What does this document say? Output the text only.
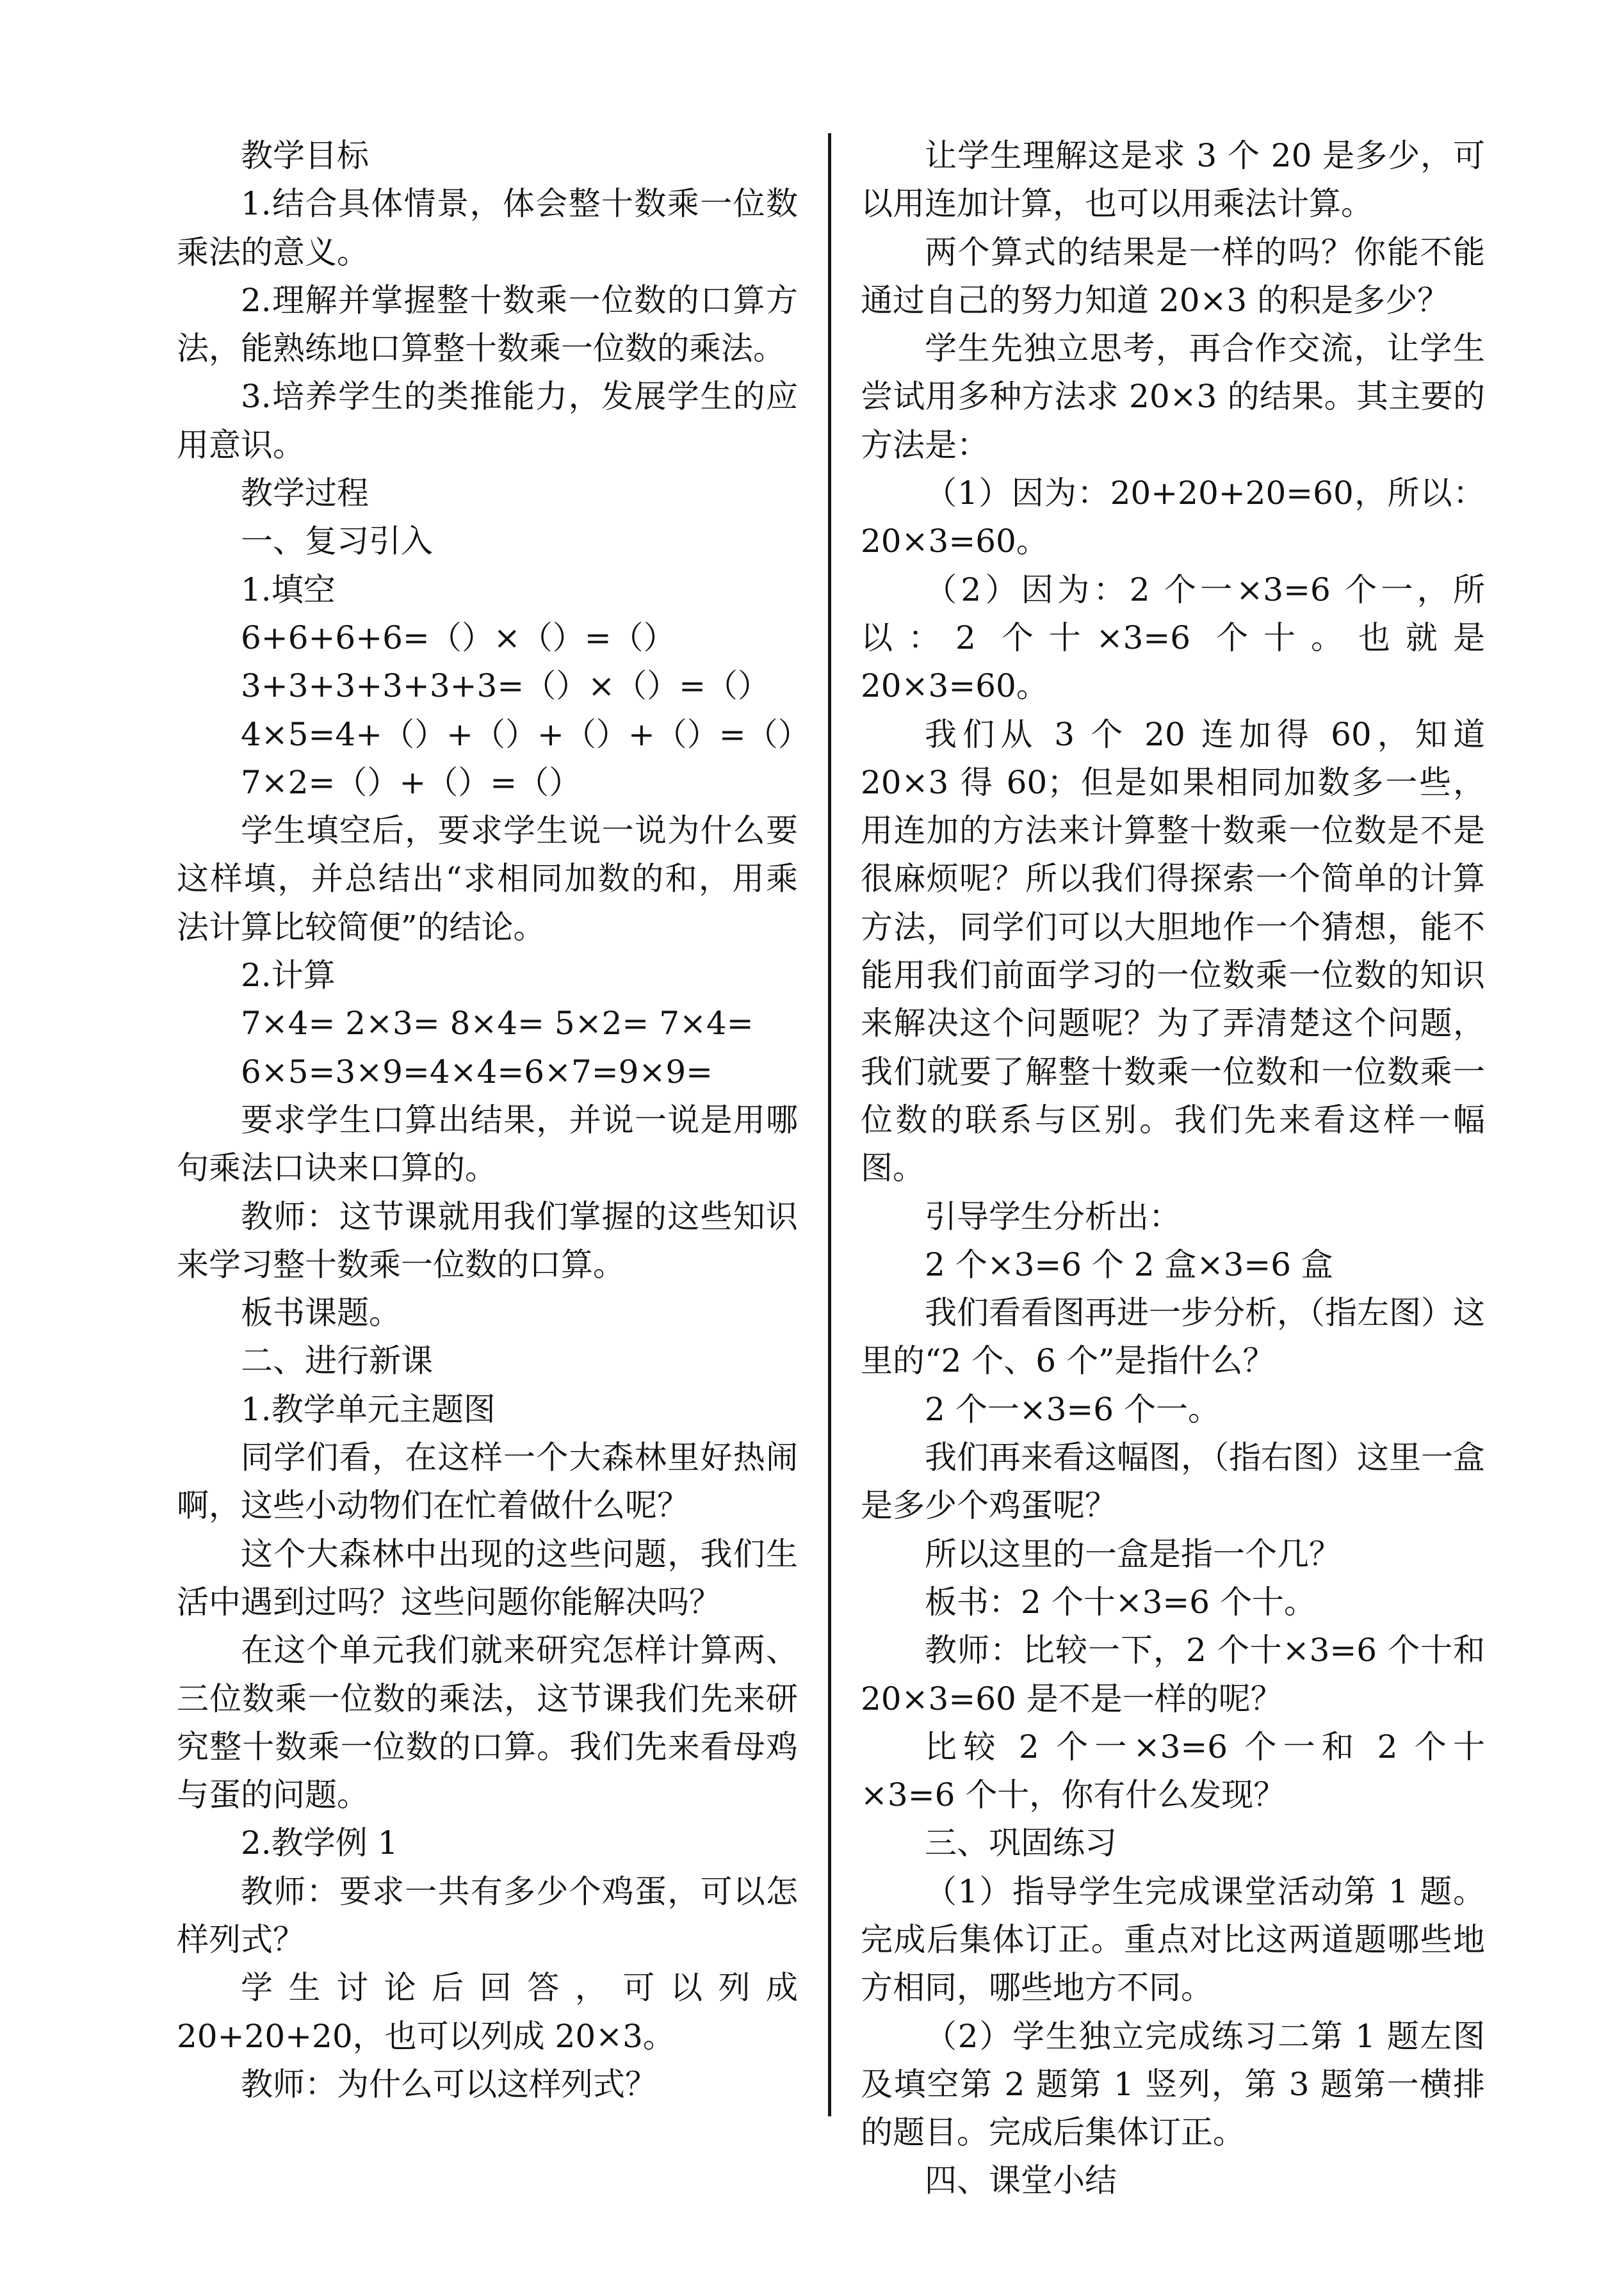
教学目标

1.结合具体情景，体会整十数乘一位数乘法的意义。

2.理解并掌握整十数乘一位数的口算方法，能熟练地口算整十数乘一位数的乘法。

3.培养学生的类推能力，发展学生的应用意识。

教学过程

一、复习引入

1.填空

6+6+6+6=（）×（）=（）

3+3+3+3+3+3=（）×（）=（）

4×5=4+（）+（）+（）+（）=（）

7×2=（）+（）=（）

学生填空后，要求学生说一说为什么要这样填，并总结出“求相同加数的和，用乘法计算比较简便”的结论。

2.计算

7×4= 2×3= 8×4= 5×2= 7×4=

6×5=3×9=4×4=6×7=9×9=

要求学生口算出结果，并说一说是用哪句乘法口诀来口算的。

教师：这节课就用我们掌握的这些知识来学习整十数乘一位数的口算。

板书课题。

二、进行新课

1.教学单元主题图

同学们看，在这样一个大森林里好热闹啊，这些小动物们在忙着做什么呢？

这个大森林中出现的这些问题，我们生活中遇到过吗？这些问题你能解决吗？

在这个单元我们就来研究怎样计算两、三位数乘一位数的乘法，这节课我们先来研究整十数乘一位数的口算。我们先来看母鸡与蛋的问题。

2.教学例 1

教师：要求一共有多少个鸡蛋，可以怎样列式？

学生讨论后回答，可以列成 20+20+20，也可以列成 20×3。

教师：为什么可以这样列式？

让学生理解这是求 3 个 20 是多少，可以用连加计算，也可以用乘法计算。

两个算式的结果是一样的吗？你能不能通过自己的努力知道 20×3 的积是多少？

学生先独立思考，再合作交流，让学生尝试用多种方法求 20×3 的结果。其主要的方法是：

（1）因为：20+20+20=60，所以：20×3=60。

（2）因为：2 个一×3=6 个一，所以：2 个十×3=6 个十。也就是 20×3=60。

我们从 3 个 20 连加得 60，知道 20×3 得 60；但是如果相同加数多一些，用连加的方法来计算整十数乘一位数是不是很麻烦呢？所以我们得探索一个简单的计算方法，同学们可以大胆地作一个猜想，能不能用我们前面学习的一位数乘一位数的知识来解决这个问题呢？为了弄清楚这个问题，我们就要了解整十数乘一位数和一位数乘一位数的联系与区别。我们先来看这样一幅图。

引导学生分析出：

2 个×3=6 个 2 盒×3=6 盒

我们看看图再进一步分析，（指左图）这里的“2 个、6 个”是指什么？

2 个一×3=6 个一。

我们再来看这幅图，（指右图）这里一盒是多少个鸡蛋呢？

所以这里的一盒是指一个几？

板书：2 个十×3=6 个十。

教师：比较一下，2 个十×3=6 个十和 20×3=60 是不是一样的呢？

比较 2 个一×3=6 个一和 2 个十×3=6 个十，你有什么发现？

三、巩固练习

（1）指导学生完成课堂活动第 1 题。完成后集体订正。重点对比这两道题哪些地方相同，哪些地方不同。

（2）学生独立完成练习二第 1 题左图及填空第 2 题第 1 竖列，第 3 题第一横排的题目。完成后集体订正。

四、课堂小结
